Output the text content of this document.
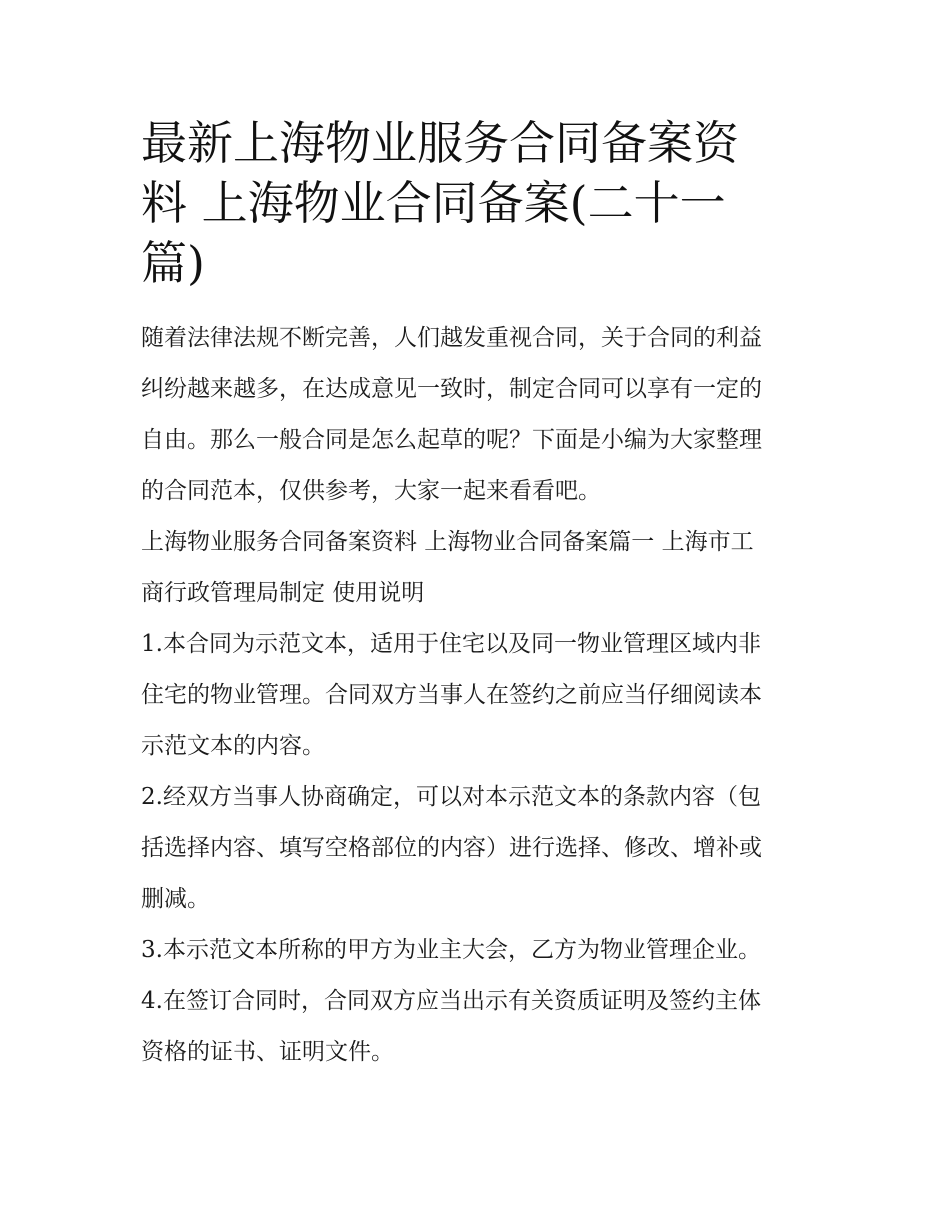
最新上海物业服务合同备案资
料 上海物业合同备案(二十一
篇)

随着法律法规不断完善，人们越发重视合同，关于合同的利益
纠纷越来越多，在达成意见一致时，制定合同可以享有一定的
自由。那么一般合同是怎么起草的呢？下面是小编为大家整理
的合同范本，仅供参考，大家一起来看看吧。

上海物业服务合同备案资料 上海物业合同备案篇一 上海市工
商行政管理局制定 使用说明

1.本合同为示范文本，适用于住宅以及同一物业管理区域内非
住宅的物业管理。合同双方当事人在签约之前应当仔细阅读本
示范文本的内容。

2.经双方当事人协商确定，可以对本示范文本的条款内容（包
括选择内容、填写空格部位的内容）进行选择、修改、增补或
删减。

3.本示范文本所称的甲方为业主大会，乙方为物业管理企业。

4.在签订合同时，合同双方应当出示有关资质证明及签约主体
资格的证书、证明文件。
